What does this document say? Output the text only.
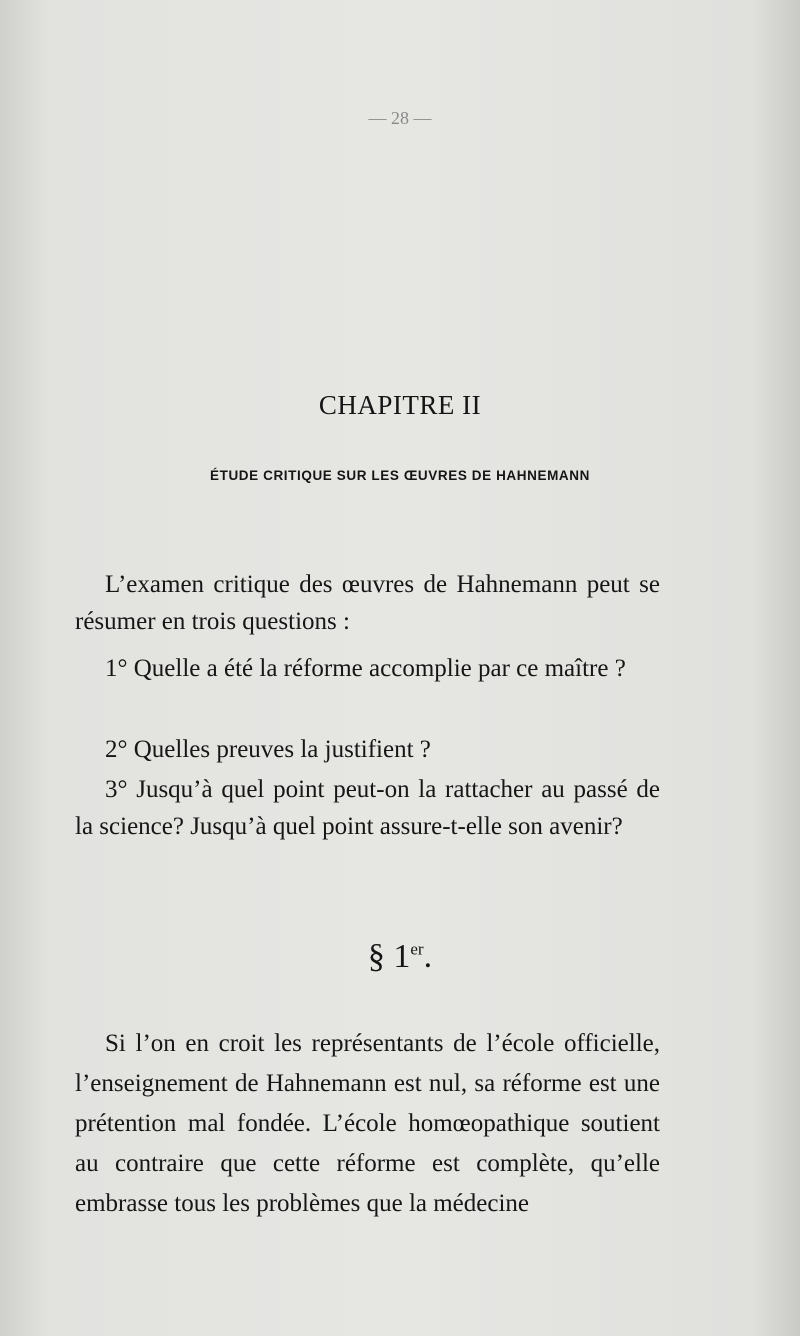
— 28 —
CHAPITRE II
ÉTUDE CRITIQUE SUR LES ŒUVRES DE HAHNEMANN

L’examen critique des œuvres de Hahnemann peut se résumer en trois questions :

1° Quelle a été la réforme accomplie par ce maître ?

2° Quelles preuves la justifient ?

3° Jusqu’à quel point peut-on la rattacher au passé de la science? Jusqu’à quel point assure-t-elle son avenir?

§ 1er.

Si l’on en croit les représentants de l’école officielle, l’enseignement de Hahnemann est nul, sa réforme est une prétention mal fondée. L’école homœopathique soutient au contraire que cette réforme est complète, qu’elle embrasse tous les problèmes que la médecine
